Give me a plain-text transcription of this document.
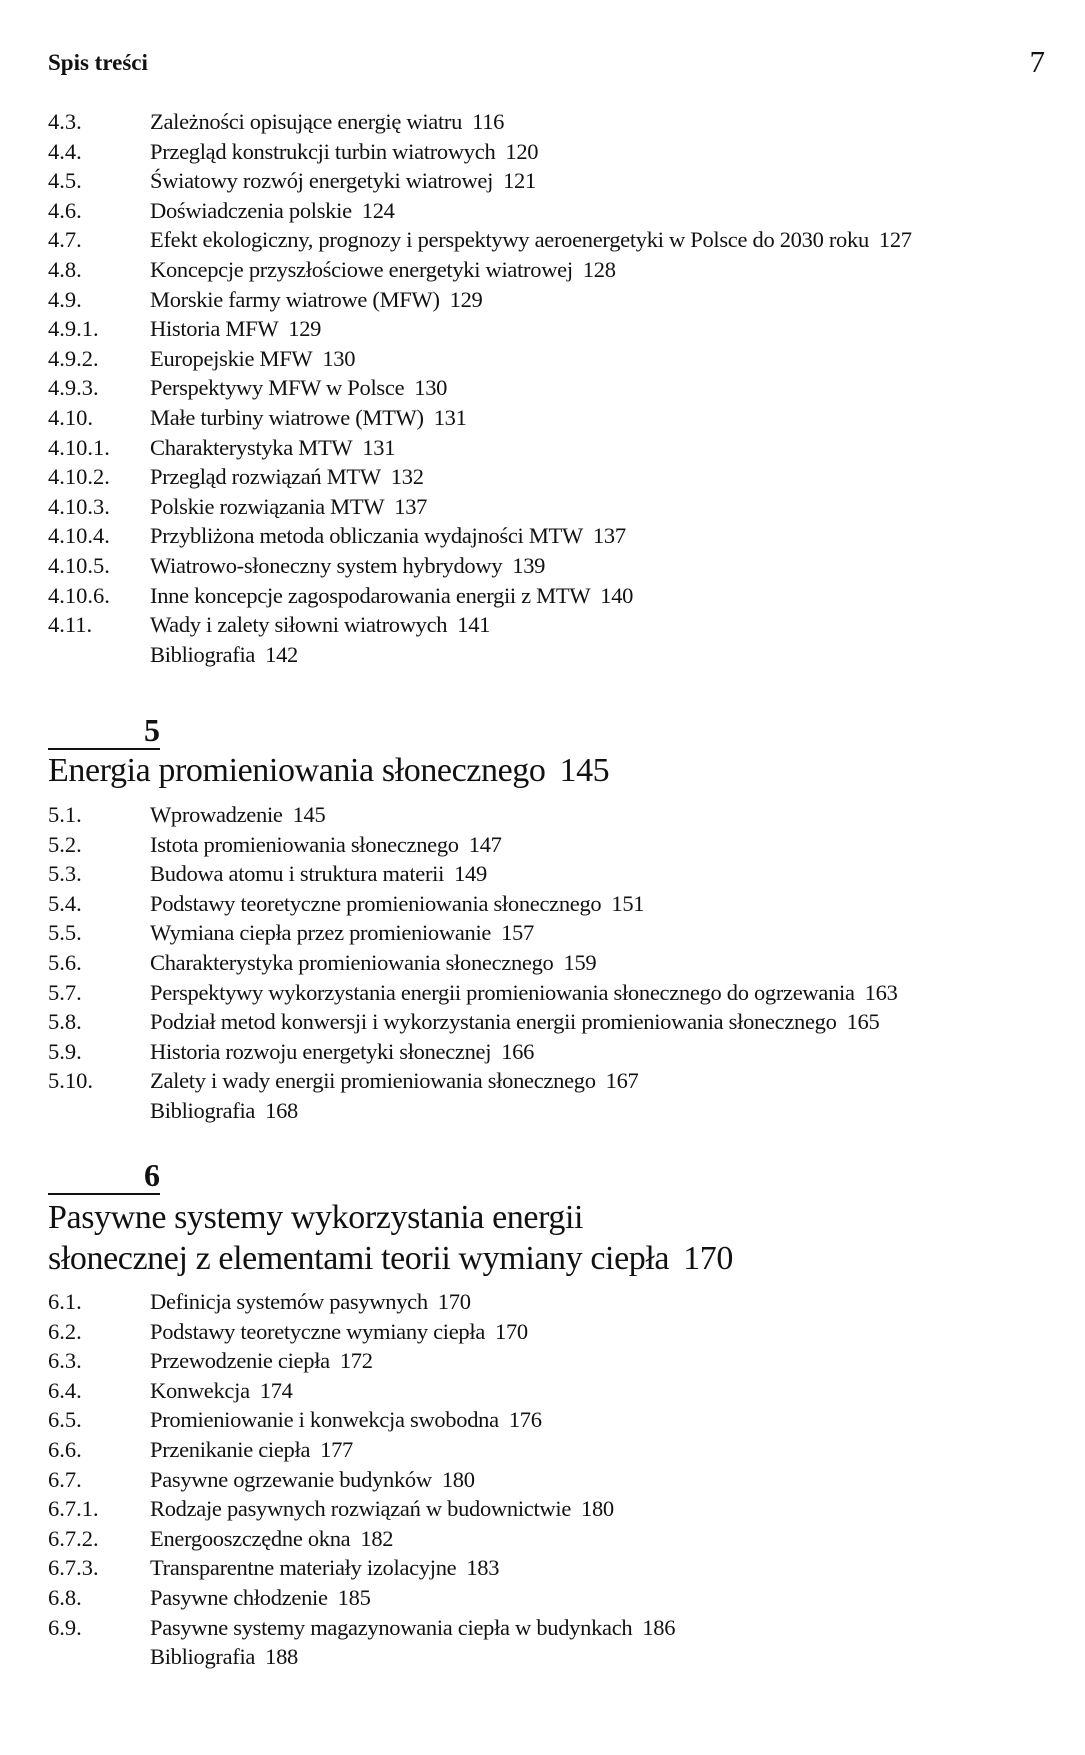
Spis treści	7
4.3.	Zależności opisujące energię wiatru 116
4.4.	Przegląd konstrukcji turbin wiatrowych 120
4.5.	Światowy rozwój energetyki wiatrowej 121
4.6.	Doświadczenia polskie 124
4.7.	Efekt ekologiczny, prognozy i perspektywy aeroenergetyki w Polsce do 2030 roku 127
4.8.	Koncepcje przyszłościowe energetyki wiatrowej 128
4.9.	Morskie farmy wiatrowe (MFW) 129
4.9.1. Historia MFW 129
4.9.2. Europejskie MFW 130
4.9.3. Perspektywy MFW w Polsce 130
4.10.	Małe turbiny wiatrowe (MTW) 131
4.10.1. Charakterystyka MTW 131
4.10.2. Przegląd rozwiązań MTW 132
4.10.3. Polskie rozwiązania MTW 137
4.10.4. Przybliżona metoda obliczania wydajności MTW 137
4.10.5. Wiatrowo-słoneczny system hybrydowy 139
4.10.6. Inne koncepcje zagospodarowania energii z MTW 140
4.11.	Wady i zalety siłowni wiatrowych 141
Bibliografia 142
5
Energia promieniowania słonecznego 145
5.1.	Wprowadzenie 145
5.2.	Istota promieniowania słonecznego 147
5.3.	Budowa atomu i struktura materii 149
5.4.	Podstawy teoretyczne promieniowania słonecznego 151
5.5.	Wymiana ciepła przez promieniowanie 157
5.6.	Charakterystyka promieniowania słonecznego 159
5.7.	Perspektywy wykorzystania energii promieniowania słonecznego do ogrzewania 163
5.8.	Podział metod konwersji i wykorzystania energii promieniowania słonecznego 165
5.9.	Historia rozwoju energetyki słonecznej 166
5.10.	Zalety i wady energii promieniowania słonecznego 167
Bibliografia 168
6
Pasywne systemy wykorzystania energii
słonecznej z elementami teorii wymiany ciepła 170
6.1.	Definicja systemów pasywnych 170
6.2.	Podstawy teoretyczne wymiany ciepła 170
6.3.	Przewodzenie ciepła 172
6.4.	Konwekcja 174
6.5.	Promieniowanie i konwekcja swobodna 176
6.6.	Przenikanie ciepła 177
6.7.	Pasywne ogrzewanie budynków 180
6.7.1. Rodzaje pasywnych rozwiązań w budownictwie 180
6.7.2. Energooszczędne okna 182
6.7.3. Transparentne materiały izolacyjne 183
6.8.	Pasywne chłodzenie 185
6.9.	Pasywne systemy magazynowania ciepła w budynkach 186
Bibliografia 188
